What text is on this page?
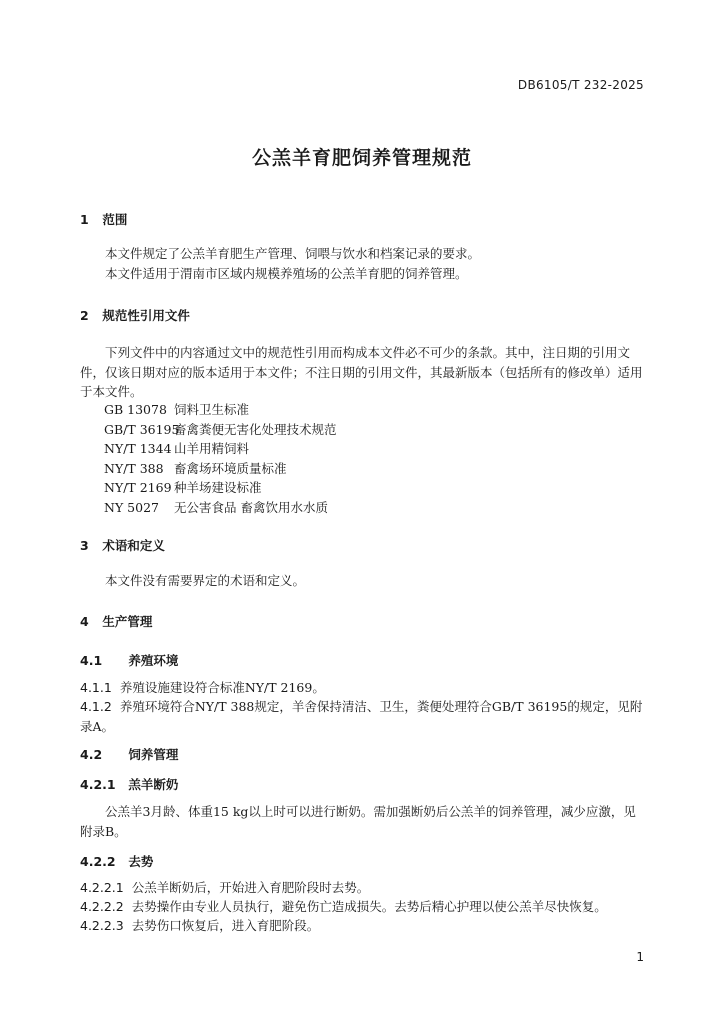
DB6105/T 232-2025
公羔羊育肥饲养管理规范
1 范围

本文件规定了公羔羊育肥生产管理、饲喂与饮水和档案记录的要求。

本文件适用于渭南市区域内规模养殖场的公羔羊育肥的饲养管理。

2 规范性引用文件

下列文件中的内容通过文中的规范性引用而构成本文件必不可少的条款。其中，注日期的引用文件，仅该日期对应的版本适用于本文件；不注日期的引用文件，其最新版本（包括所有的修改单）适用于本文件。

GB 13078 饲料卫生标准
GB/T 36195畜禽粪便无害化处理技术规范
NY/T 1344 山羊用精饲料
NY/T 388 畜禽场环境质量标准
NY/T 2169 种羊场建设标准
NY 5027 无公害食品 畜禽饮用水水质
3 术语和定义

本文件没有需要界定的术语和定义。

4 生产管理
4.1 养殖环境
4.1.1 养殖设施建设符合标准NY/T 2169。
4.1.2 养殖环境符合NY/T 388规定，羊舍保持清洁、卫生，粪便处理符合GB/T 36195的规定，见附录A。
4.2 饲养管理
4.2.1 羔羊断奶

公羔羊3月龄、体重15 kg以上时可以进行断奶。需加强断奶后公羔羊的饲养管理，减少应激，见附录B。

4.2.2 去势
4.2.2.1 公羔羊断奶后，开始进入育肥阶段时去势。
4.2.2.2 去势操作由专业人员执行，避免伤亡造成损失。去势后精心护理以使公羔羊尽快恢复。
4.2.2.3 去势伤口恢复后，进入育肥阶段。
1
